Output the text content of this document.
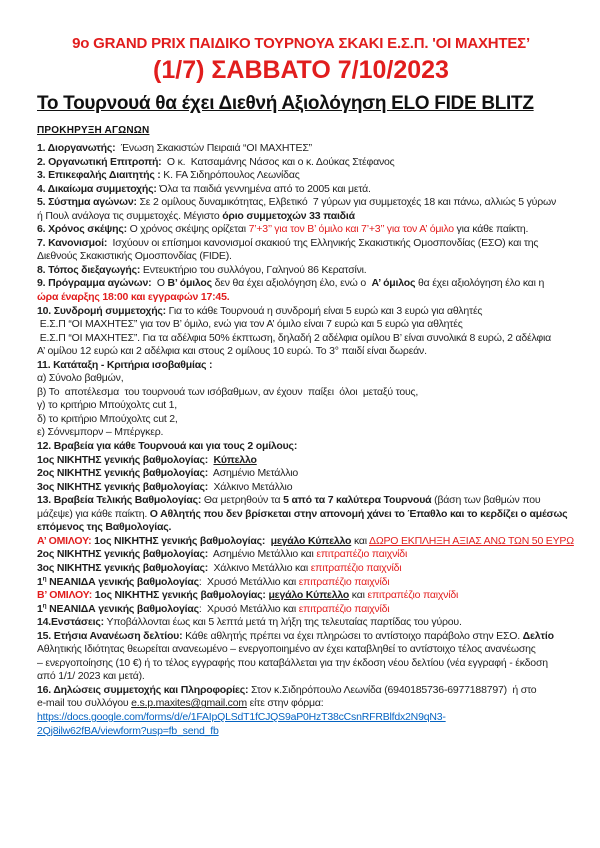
9ο GRAND PRIX ΠΑΙΔΙΚΟ ΤΟΥΡΝΟΥΑ ΣΚΑΚΙ Ε.Σ.Π. 'ΟΙ ΜΑΧΗΤΕΣ’
(1/7) ΣΑΒΒΑΤΟ 7/10/2023
Το Τουρνουά θα έχει Διεθνή Αξιολόγηση ELO FIDE BLITZ
ΠΡΟΚΗΡΥΞΗ ΑΓΩΝΩΝ
1. Διοργανωτής:  Ένωση Σκακιστών Πειραιά “ΟΙ ΜΑΧΗΤΕΣ”
2. Οργανωτική Επιτροπή:  Ο κ.  Κατσαμάνης Νάσος και ο κ. Δούκας Στέφανος
3. Επικεφαλής Διαιτητής : Κ. FA Σιδηρόπουλος Λεωνίδας
4. Δικαίωμα συμμετοχής: Όλα τα παιδιά γεννημένα από το 2005 και μετά.
5. Σύστημα αγώνων: Σε 2 ομίλους δυναμικότητας, Ελβετικό  7 γύρων για συμμετοχές 18 και πάνω, αλλιώς 5 γύρων
ή Πουλ ανάλογα τις συμμετοχές. Μέγιστο όριο συμμετοχών 33 παιδιά
6. Χρόνος σκέψης: Ο χρόνος σκέψης ορίζεται 7’+3’’ για τον Β’ όμιλο και 7’+3’’ για τον Α’ όμιλο για κάθε παίκτη.
7. Κανονισμοί:  Ισχύουν οι επίσημοι κανονισμοί σκακιού της Ελληνικής Σκακιστικής Ομοσπονδίας (ΕΣΟ) και της
Διεθνούς Σκακιστικής Ομοσπονδίας (FIDE).
8. Τόπος διεξαγωγής: Εντευκτήριο του συλλόγου, Γαληνού 86 Κερατσίνι.
9. Πρόγραμμα αγώνων:  Ο Β’ όμιλος δεν θα έχει αξιολόγηση έλο, ενώ ο  Α’ όμιλος θα έχει αξιολόγηση έλο και η
ώρα έναρξης 18:00 και εγγραφών 17:45.
10. Συνδρομή συμμετοχής: Για το κάθε Τουρνουά η συνδρομή είναι 5 ευρώ και 3 ευρώ για αθλητές
Ε.Σ.Π “ΟΙ ΜΑΧΗΤΕΣ” για τον Β’ όμιλο, ενώ για τον Α’ όμιλο είναι 7 ευρώ και 5 ευρώ για αθλητές
Ε.Σ.Π “ΟΙ ΜΑΧΗΤΕΣ”. Για τα αδέλφια 50% έκπτωση, δηλαδή 2 αδέλφια ομίλου Β’ είναι συνολικά 8 ευρώ, 2 αδέλφια
Α’ ομίλου 12 ευρώ και 2 αδέλφια και στους 2 ομίλους 10 ευρώ. Το 3° παιδί είναι δωρεάν.
11. Κατάταξη - Κριτήρια ισοβαθμίας :
α) Σύνολο βαθμών,
β) Το  αποτέλεσμα  του τουρνουά των ισόβαθμων, αν έχουν  παίξει  όλοι  μεταξύ τους,
γ) το κριτήριο Μπούχολτς cut 1,
δ) το κριτήριο Μπούχολτς cut 2,
ε) Σόννεμπορν – Μπέργκερ.
12. Βραβεία για κάθε Τουρνουά και για τους 2 ομίλους:
1ος ΝΙΚΗΤΗΣ γενικής βαθμολογίας: Κύπελλο
2ος ΝΙΚΗΤΗΣ γενικής βαθμολογίας:  Ασημένιο Μετάλλιο
3ος ΝΙΚΗΤΗΣ γενικής βαθμολογίας:  Χάλκινο Μετάλλιο
13. Βραβεία Τελικής Βαθμολογίας: Θα μετρηθούν τα 5 από τα 7 καλύτερα Τουρνουά (βάση των βαθμών που
μάζεψε) για κάθε παίκτη. Ο Αθλητής που δεν βρίσκεται στην απονομή χάνει το Έπαθλο και το κερδίζει ο αμέσως
επόμενος της Βαθμολογίας.
Α’ ΟΜΙΛΟΥ: 1ος ΝΙΚΗΤΗΣ γενικής βαθμολογίας: μεγάλο Κύπελλο και ΔΩΡΟ ΕΚΠΛΗΞΗ ΑΞΙΑΣ ΑΝΩ ΤΩΝ 50 ΕΥΡΩ
2ος ΝΙΚΗΤΗΣ γενικής βαθμολογίας:  Ασημένιο Μετάλλιο και επιτραπέζιο παιχνίδι
3ος ΝΙΚΗΤΗΣ γενικής βαθμολογίας:  Χάλκινο Μετάλλιο και επιτραπέζιο παιχνίδι
$1^\eta$ ΝΕΑΝΙΔΑ γενικής βαθμολογίας:  Χρυσό Μετάλλιο και επιτραπέζιο παιχνίδι
Β’ ΟΜΙΛΟΥ: 1ος ΝΙΚΗΤΗΣ γενικής βαθμολογίας: μεγάλο Κύπελλο και επιτραπέζιο παιχνίδι
$1^\eta$ ΝΕΑΝΙΔΑ γενικής βαθμολογίας:  Χρυσό Μετάλλιο και επιτραπέζιο παιχνίδι
14.Ενστάσεις: Υποβάλλονται έως και 5 λεπτά μετά τη λήξη της τελευταίας παρτίδας του γύρου.
15. Ετήσια Ανανέωση δελτίου: Κάθε αθλητής πρέπει να έχει πληρώσει το αντίστοιχο παράβολο στην ΕΣΟ. Δελτίο
Αθλητικής Ιδιότητας θεωρείται ανανεωμένο – ενεργοποιημένο αν έχει καταβληθεί το αντίστοιχο τέλος ανανέωσης
– ενεργοποίησης (10 €) ή το τέλος εγγραφής που καταβάλλεται για την έκδοση νέου δελτίου (νέα εγγραφή - έκδοση
από 1/1/ 2023 και μετά).
16. Δηλώσεις συμμετοχής και Πληροφορίες: Στον κ.Σιδηρόπουλο Λεωνίδα (6940185736-6977188797)  ή στο
e-mail του συλλόγου e.s.p.maxites@gmail.com είτε στην φόρμα:
https://docs.google.com/forms/d/e/1FAIpQLSdT1fCJQS9aP0HzT38cCsnRFRBlfdx2N9qN3-
2Qj8ilw62fBA/viewform?usp=fb_send_fb
